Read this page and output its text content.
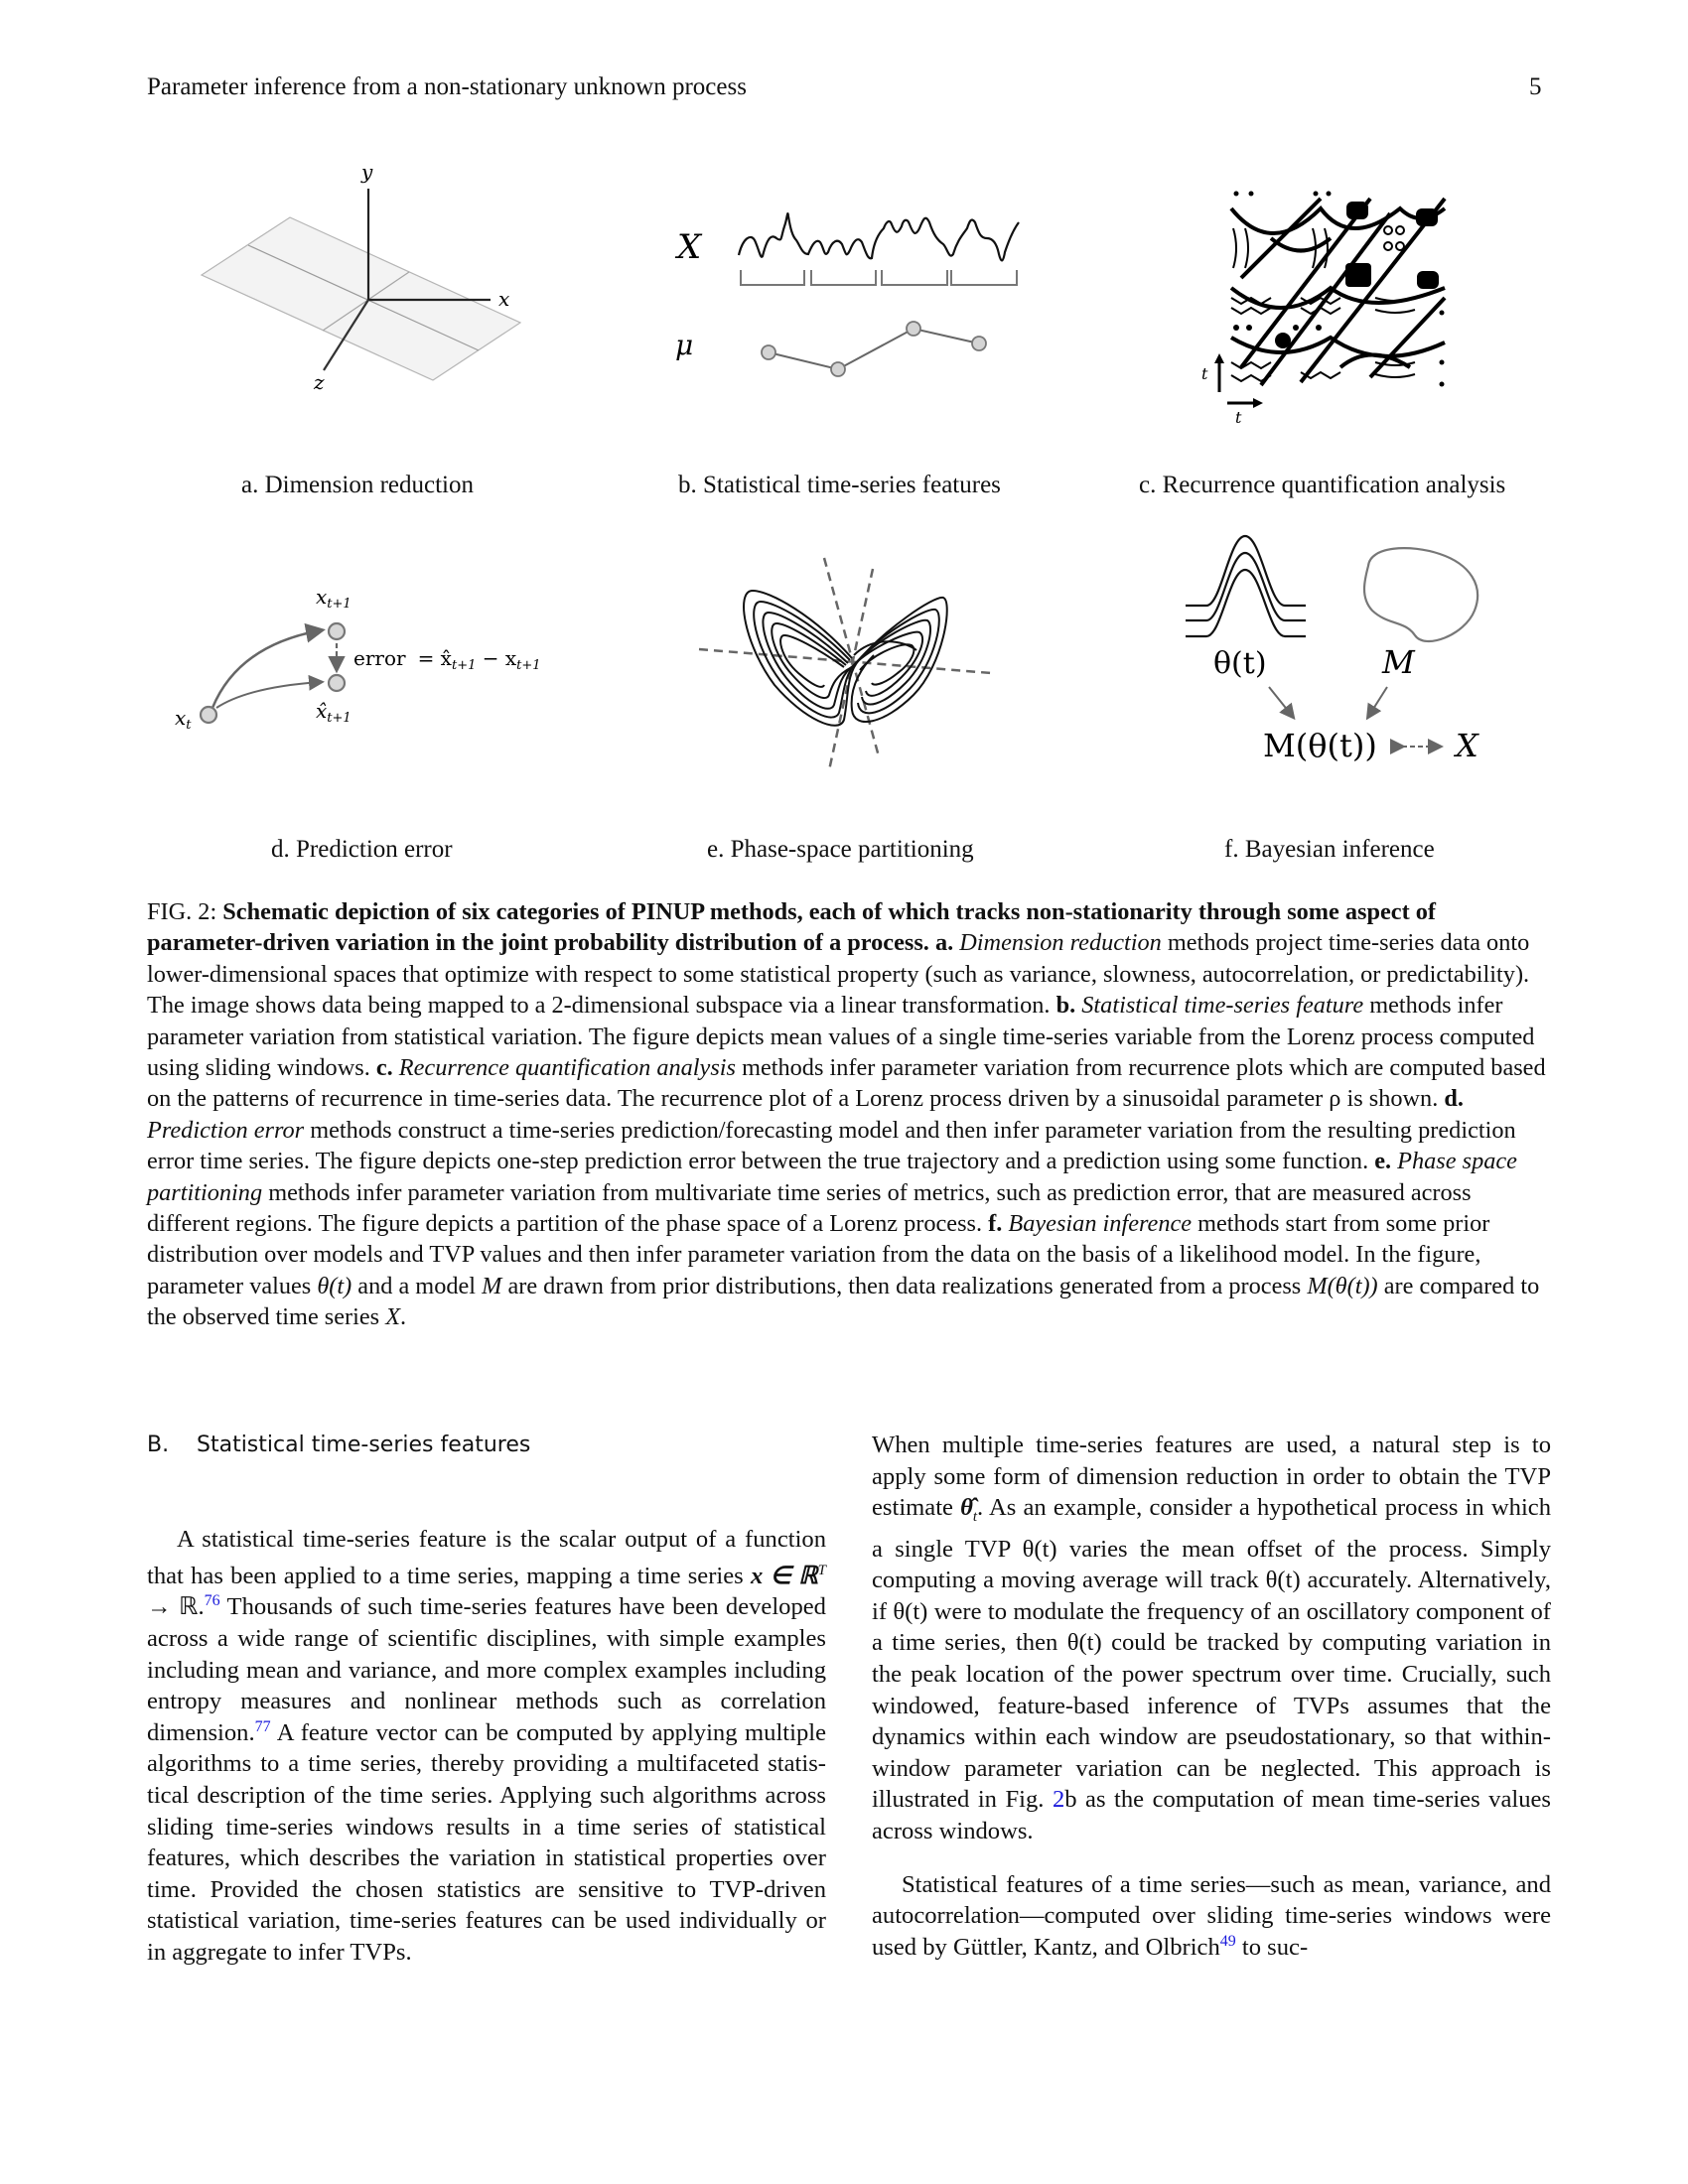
Parameter inference from a non-stationary unknown process	5
y
x
z
X
μ
t
t
a. Dimension reduction	b. Statistical time-series features	c. Recurrence quantification analysis
$x_t$
$x_{t+1}$
$x̂_{t+1}$
error = $x̂_{t+1} - x_{t+1}$	θ(t)	M
M(θ(t)) X
d. Prediction error	e. Phase-space partitioning	f. Bayesian inference
FIG. 2: Schematic depiction of six categories of PINUP methods, each of which tracks non-stationarity through some aspect of parameter-driven variation in the joint probability distribution of a process. a. Dimension reduction methods project time-series data onto lower-dimensional spaces that optimize with respect to some statistical property (such as variance, slowness, autocorrelation, or predictability). The image shows data being mapped to a 2-dimensional subspace via a linear transformation. b. Statistical time-series feature methods infer parameter variation from statistical variation. The figure depicts mean values of a single time-series variable from the Lorenz process computed using sliding windows. c. Recurrence quantification analysis methods infer parameter variation from recurrence plots which are computed based on the patterns of recurrence in time-series data. The recurrence plot of a Lorenz process driven by a sinusoidal parameter ρ is shown. d. Prediction error methods construct a time-series prediction/forecasting model and then infer parameter variation from the resulting prediction error time series. The figure depicts one-step prediction error between the true trajectory and a prediction using some function. e. Phase space partitioning methods infer parameter variation from multivariate time series of metrics, such as prediction error, that are measured across different regions. The figure depicts a partition of the phase space of a Lorenz process. f. Bayesian inference methods start from some prior distribution over models and TVP values and then infer parameter variation from the data on the basis of a likelihood model. In the figure, parameter values θ(t) and a model M are drawn from prior distributions, then data realizations generated from a process M(θ(t)) are compared to the observed time series X.
B. Statistical time-series features

A statistical time-series feature is the scalar output of a function that has been applied to a time series, mapping a time series x ∈ ℝ$^T$ → ℝ.$^{76}$ Thousands of such time-series features have been developed across a wide range of scientific disciplines, with simple examples including mean and variance, and more complex examples including entropy measures and nonlinear methods such as correlation dimension.$^{77}$ A feature vector can be computed by applying multiple algorithms to a time series, thereby providing a multifaceted statistical description of the time series. Applying such algorithms across sliding time-series windows results in a time series of statistical features, which describes the variation in statistical properties over time. Provided the chosen statistics are sensitive to TVP-driven statistical variation, time-series features can be used individually or in aggregate to infer TVPs.

When multiple time-series features are used, a natural step is to apply some form of dimension reduction in order to obtain the TVP estimate $\thetâ_t$. As an example, consider a hypothetical process in which a single TVP θ(t) varies the mean offset of the process. Simply computing a moving average will track θ(t) accurately. Alternatively, if θ(t) were to modulate the frequency of an oscillatory component of a time series, then θ(t) could be tracked by computing variation in the peak location of the power spectrum over time. Crucially, such windowed, feature-based inference of TVPs assumes that the dynamics within each window are pseudostationary, so that within-window parameter variation can be neglected. This approach is illustrated in Fig. 2b as the computation of mean time-series values across windows.

Statistical features of a time series—such as mean, variance, and autocorrelation—computed over sliding time-series windows were used by Güttler, Kantz, and Olbrich$^{49}$ to suc-
